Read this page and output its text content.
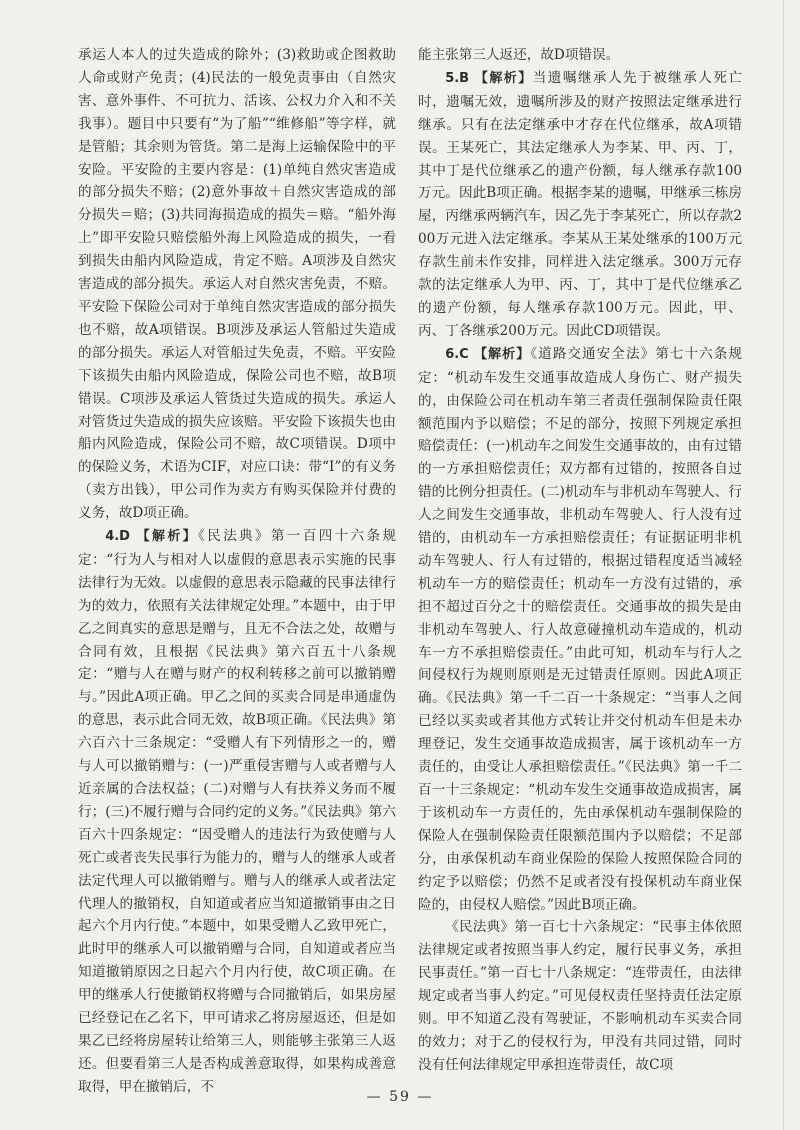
承运人本人的过失造成的除外；(3)救助或企图救助人命或财产免责；(4)民法的一般免责事由（自然灾害、意外事件、不可抗力、活该、公权力介入和不关我事）。题目中只要有“为了船”“维修船”等字样，就是管船；其余则为管货。第二是海上运输保险中的平安险。平安险的主要内容是：(1)单纯自然灾害造成的部分损失不赔；(2)意外事故＋自然灾害造成的部分损失＝赔；(3)共同海损造成的损失＝赔。“船外海上”即平安险只赔偿船外海上风险造成的损失，一看到损失由船内风险造成，肯定不赔。A项涉及自然灾害造成的部分损失。承运人对自然灾害免责，不赔。平安险下保险公司对于单纯自然灾害造成的部分损失也不赔，故A项错误。B项涉及承运人管船过失造成的部分损失。承运人对管船过失免责，不赔。平安险下该损失由船内风险造成，保险公司也不赔，故B项错误。C项涉及承运人管货过失造成的损失。承运人对管货过失造成的损失应该赔。平安险下该损失也由船内风险造成，保险公司不赔，故C项错误。D项中的保险义务，术语为CIF，对应口诀：带“I”的有义务（卖方出钱），甲公司作为卖方有购买保险并付费的义务，故D项正确。

4.D 【解析】《民法典》第一百四十六条规定：“行为人与相对人以虚假的意思表示实施的民事法律行为无效。以虚假的意思表示隐藏的民事法律行为的效力，依照有关法律规定处理。”本题中，由于甲乙之间真实的意思是赠与，且无不合法之处，故赠与合同有效，且根据《民法典》第六百五十八条规定：“赠与人在赠与财产的权利转移之前可以撤销赠与。”因此A项正确。甲乙之间的买卖合同是串通虚伪的意思，表示此合同无效，故B项正确。《民法典》第六百六十三条规定：“受赠人有下列情形之一的，赠与人可以撤销赠与：(一)严重侵害赠与人或者赠与人近亲属的合法权益；(二)对赠与人有扶养义务而不履行；(三)不履行赠与合同约定的义务。”《民法典》第六百六十四条规定：“因受赠人的违法行为致使赠与人死亡或者丧失民事行为能力的，赠与人的继承人或者法定代理人可以撤销赠与。赠与人的继承人或者法定代理人的撤销权，自知道或者应当知道撤销事由之日起六个月内行使。”本题中，如果受赠人乙致甲死亡，此时甲的继承人可以撤销赠与合同，自知道或者应当知道撤销原因之日起六个月内行使，故C项正确。在甲的继承人行使撤销权将赠与合同撤销后，如果房屋已经登记在乙名下，甲可请求乙将房屋返还，但是如果乙已经将房屋转让给第三人，则能够主张第三人返还。但要看第三人是否构成善意取得，如果构成善意取得，甲在撤销后，不

能主张第三人返还，故D项错误。

5.B 【解析】当遗嘱继承人先于被继承人死亡时，遗嘱无效，遗嘱所涉及的财产按照法定继承进行继承。只有在法定继承中才存在代位继承，故A项错误。王某死亡，其法定继承人为李某、甲、丙、丁，其中丁是代位继承乙的遗产份额，每人继承存款100万元。因此B项正确。根据李某的遗嘱，甲继承三栋房屋，丙继承两辆汽车，因乙先于李某死亡，所以存款200万元进入法定继承。李某从王某处继承的100万元存款生前未作安排，同样进入法定继承。300万元存款的法定继承人为甲、丙、丁，其中丁是代位继承乙的遗产份额，每人继承存款100万元。因此，甲、丙、丁各继承200万元。因此CD项错误。

6.C 【解析】《道路交通安全法》第七十六条规定：“机动车发生交通事故造成人身伤亡、财产损失的，由保险公司在机动车第三者责任强制保险责任限额范围内予以赔偿；不足的部分，按照下列规定承担赔偿责任：(一)机动车之间发生交通事故的，由有过错的一方承担赔偿责任；双方都有过错的，按照各自过错的比例分担责任。(二)机动车与非机动车驾驶人、行人之间发生交通事故，非机动车驾驶人、行人没有过错的，由机动车一方承担赔偿责任；有证据证明非机动车驾驶人、行人有过错的，根据过错程度适当减轻机动车一方的赔偿责任；机动车一方没有过错的，承担不超过百分之十的赔偿责任。交通事故的损失是由非机动车驾驶人、行人故意碰撞机动车造成的，机动车一方不承担赔偿责任。”由此可知，机动车与行人之间侵权行为规则原则是无过错责任原则。因此A项正确。《民法典》第一千二百一十条规定：“当事人之间已经以买卖或者其他方式转让并交付机动车但是未办理登记，发生交通事故造成损害，属于该机动车一方责任的，由受让人承担赔偿责任。”《民法典》第一千二百一十三条规定：“机动车发生交通事故造成损害，属于该机动车一方责任的，先由承保机动车强制保险的保险人在强制保险责任限额范围内予以赔偿；不足部分，由承保机动车商业保险的保险人按照保险合同的约定予以赔偿；仍然不足或者没有投保机动车商业保险的，由侵权人赔偿。”因此B项正确。

《民法典》第一百七十六条规定：“民事主体依照法律规定或者按照当事人约定，履行民事义务，承担民事责任。”第一百七十八条规定：“连带责任，由法律规定或者当事人约定。”可见侵权责任坚持责任法定原则。甲不知道乙没有驾驶证，不影响机动车买卖合同的效力；对于乙的侵权行为，甲没有共同过错，同时没有任何法律规定甲承担连带责任，故C项

— 59 —
